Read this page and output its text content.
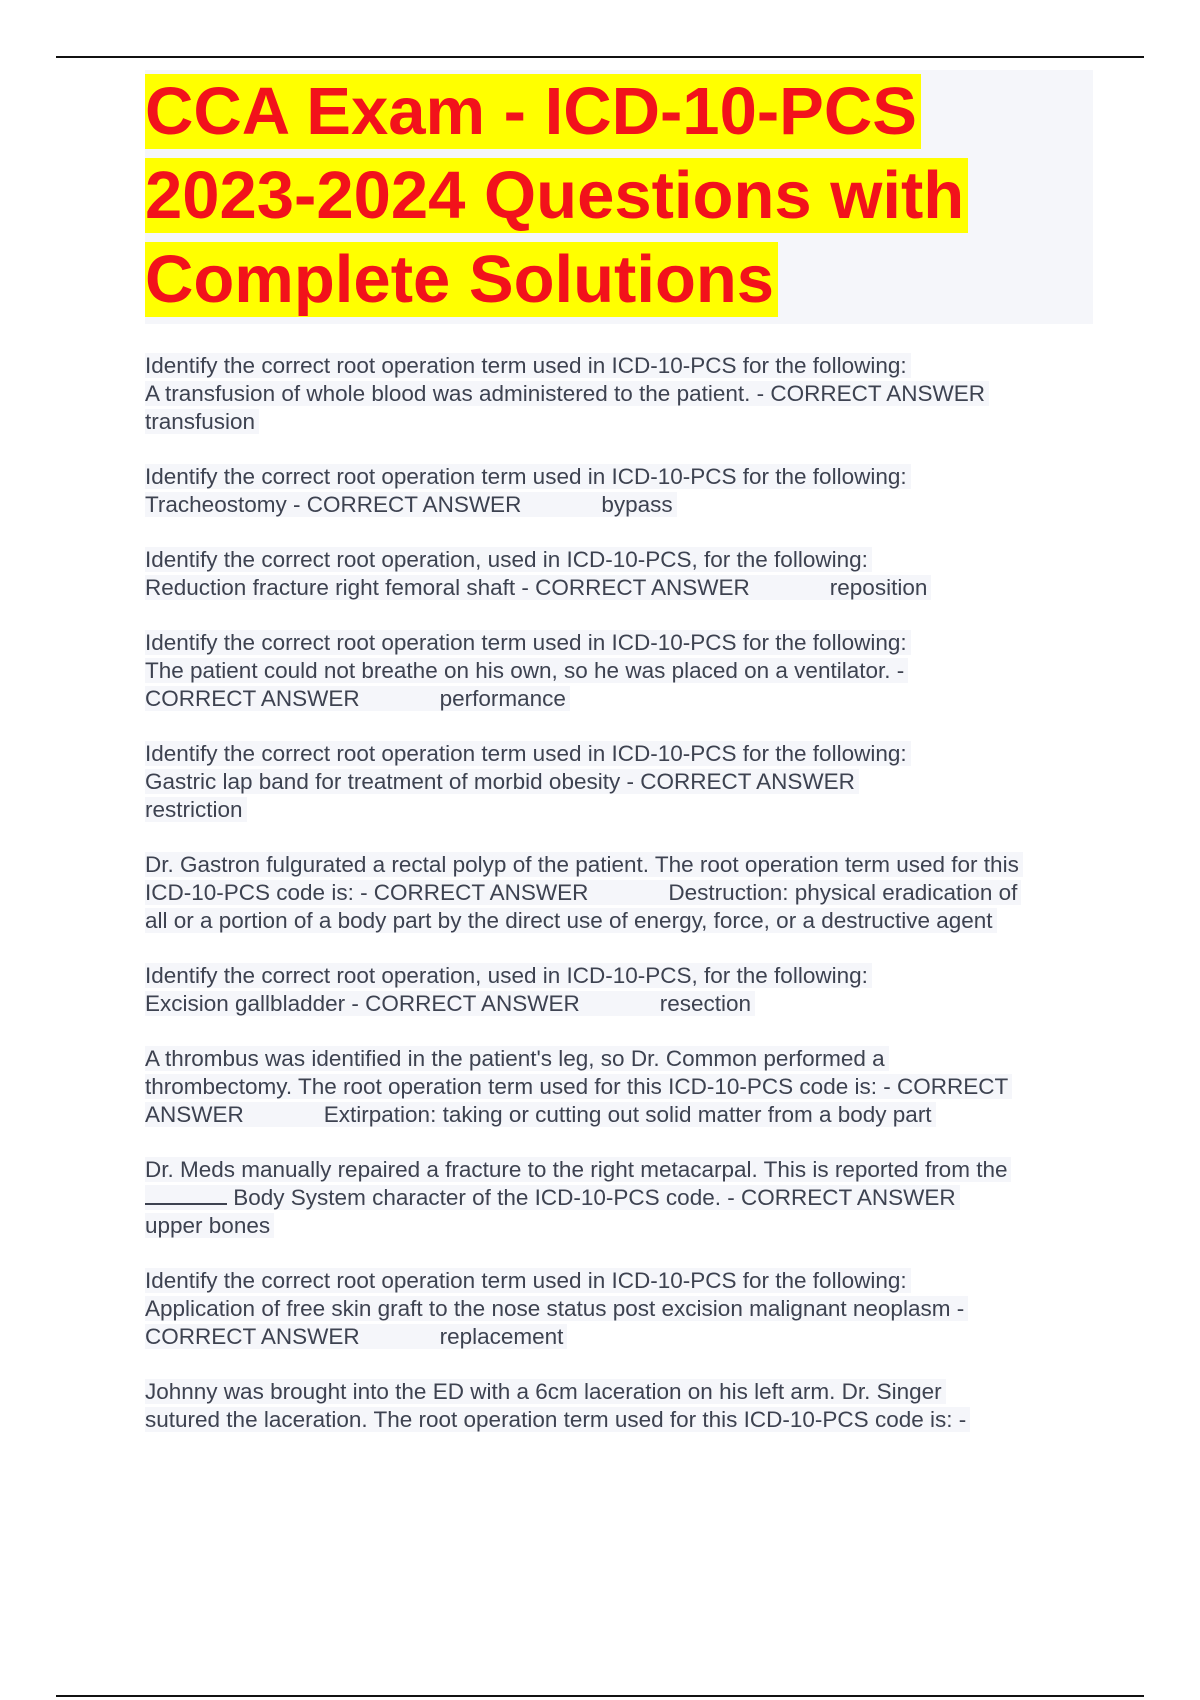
CCA Exam - ICD-10-PCS
2023-2024 Questions with
Complete Solutions
Identify the correct root operation term used in ICD-10-PCS for the following:
A transfusion of whole blood was administered to the patient. - CORRECT ANSWER
transfusion
Identify the correct root operation term used in ICD-10-PCS for the following:
Tracheostomy - CORRECT ANSWER	bypass
Identify the correct root operation, used in ICD-10-PCS, for the following:
Reduction fracture right femoral shaft - CORRECT ANSWER	reposition
Identify the correct root operation term used in ICD-10-PCS for the following:
The patient could not breathe on his own, so he was placed on a ventilator. -
CORRECT ANSWER	performance
Identify the correct root operation term used in ICD-10-PCS for the following:
Gastric lap band for treatment of morbid obesity - CORRECT ANSWER
restriction
Dr. Gastron fulgurated a rectal polyp of the patient. The root operation term used for this
ICD-10-PCS code is: - CORRECT ANSWER	Destruction: physical eradication of
all or a portion of a body part by the direct use of energy, force, or a destructive agent
Identify the correct root operation, used in ICD-10-PCS, for the following:
Excision gallbladder - CORRECT ANSWER	resection
A thrombus was identified in the patient's leg, so Dr. Common performed a
thrombectomy. The root operation term used for this ICD-10-PCS code is: - CORRECT
ANSWER	Extirpation: taking or cutting out solid matter from a body part
Dr. Meds manually repaired a fracture to the right metacarpal. This is reported from the
Body System character of the ICD-10-PCS code. - CORRECT ANSWER
upper bones
Identify the correct root operation term used in ICD-10-PCS for the following:
Application of free skin graft to the nose status post excision malignant neoplasm -
CORRECT ANSWER	replacement
Johnny was brought into the ED with a 6cm laceration on his left arm. Dr. Singer
sutured the laceration. The root operation term used for this ICD-10-PCS code is: -
